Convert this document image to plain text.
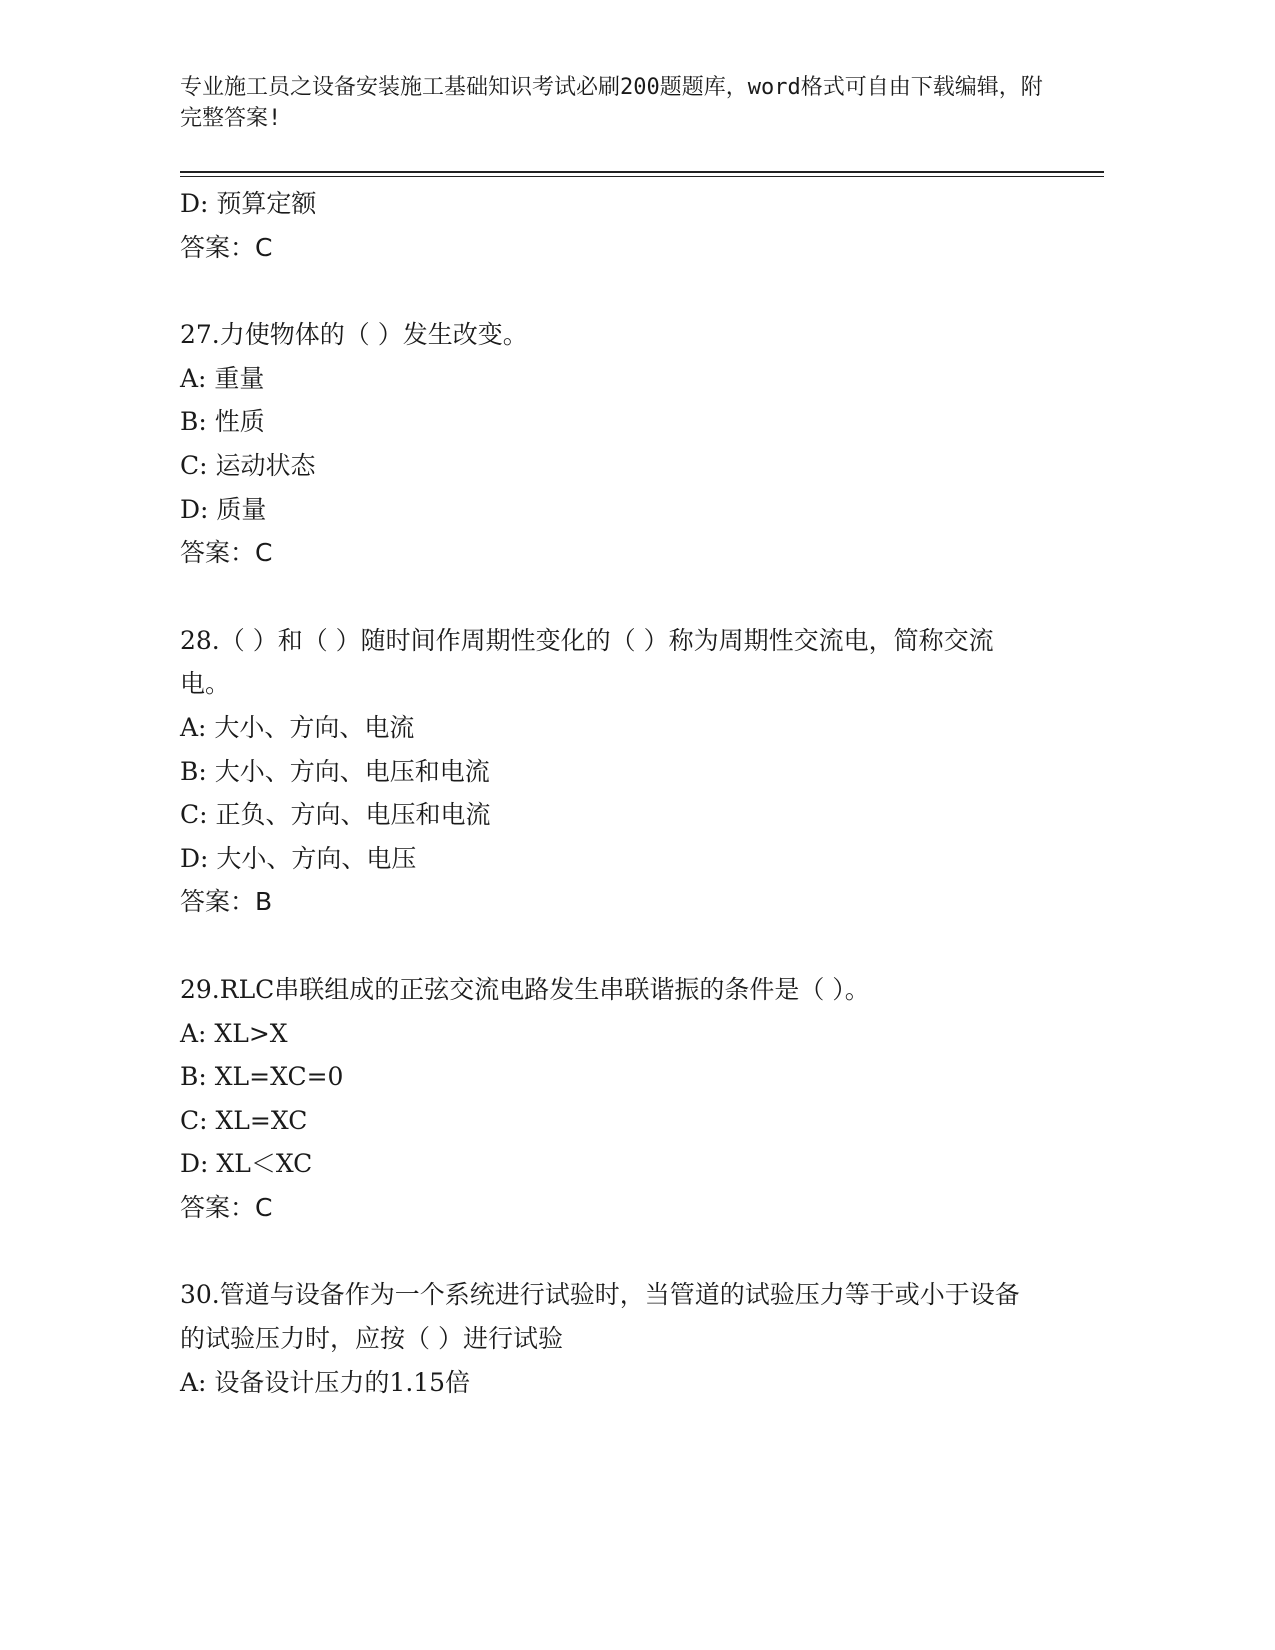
专业施工员之设备安装施工基础知识考试必刷200题题库，word格式可自由下载编辑，附完整答案!
D: 预算定额
答案：C
27.力使物体的（ ）发生改变。
A: 重量
B: 性质
C: 运动状态
D: 质量
答案：C
28.（ ）和（ ）随时间作周期性变化的（ ）称为周期性交流电，简称交流电。
A: 大小、方向、电流
B: 大小、方向、电压和电流
C: 正负、方向、电压和电流
D: 大小、方向、电压
答案：B
29.RLC串联组成的正弦交流电路发生串联谐振的条件是（ ）。
A: XL>X
B: XL=XC=0
C: XL=XC
D: XL＜XC
答案：C
30.管道与设备作为一个系统进行试验时，当管道的试验压力等于或小于设备的试验压力时，应按（ ）进行试验
A: 设备设计压力的1.15倍
